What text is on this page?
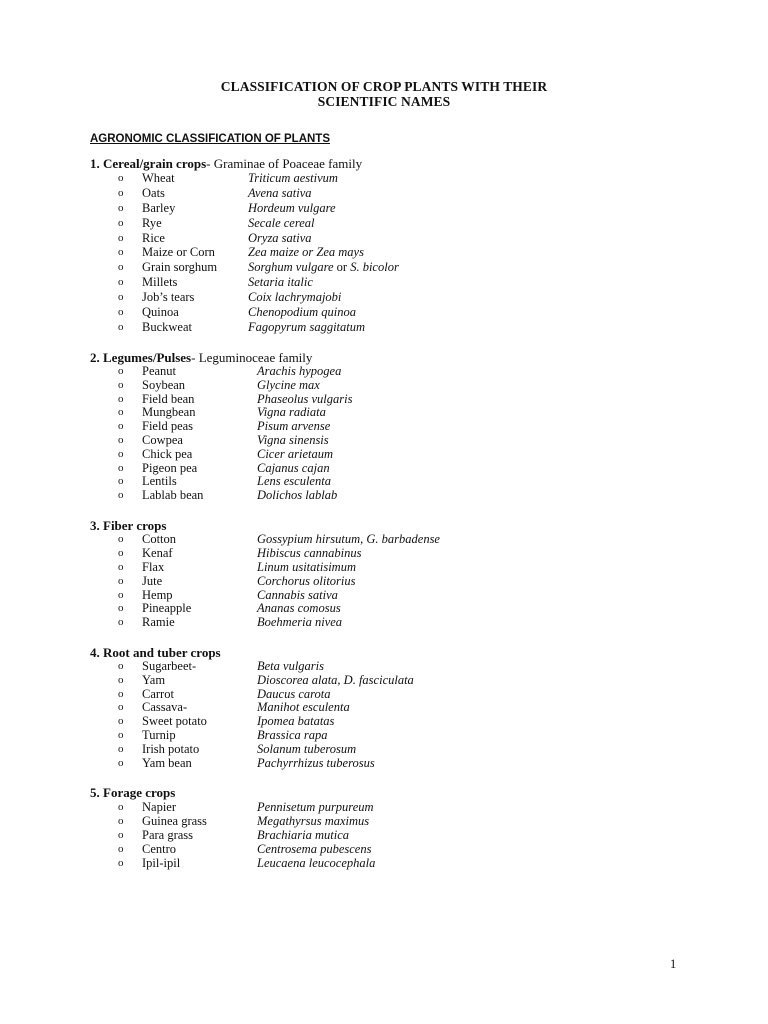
CLASSIFICATION OF CROP PLANTS WITH THEIR
SCIENTIFIC NAMES
AGRONOMIC CLASSIFICATION OF PLANTS
1. Cereal/grain crops- Graminae of Poaceae family
o Wheat	Triticum aestivum
o Oats	Avena sativa
o Barley	Hordeum vulgare
o Rye	Secale cereal
o Rice	Oryza sativa
o Maize or Corn	Zea maize or Zea mays
o Grain sorghum Sorghum vulgare or S. bicolor
o Millets	Setaria italic
o Job’s tears	Coix lachrymajobi
o Quinoa	Chenopodium quinoa
o Buckweat	Fagopyrum saggitatum
2. Legumes/Pulses- Leguminoceae family
o Peanut	Arachis hypogea
o Soybean	Glycine max
o Field bean	Phaseolus vulgaris
o Mungbean	Vigna radiata
o Field peas	Pisum arvense
o Cowpea	Vigna sinensis
o Chick pea	Cicer arietaum
o Pigeon pea	Cajanus cajan
o Lentils	Lens esculenta
o Lablab bean	Dolichos lablab
3. Fiber crops
o Cotton	Gossypium hirsutum, G. barbadense
o Kenaf	Hibiscus cannabinus
o Flax	Linum usitatisimum
o Jute	Corchorus olitorius
o Hemp	Cannabis sativa
o Pineapple	Ananas comosus
o Ramie	Boehmeria nivea
4. Root and tuber crops
o Sugarbeet-	Beta vulgaris
o Yam	Dioscorea alata, D. fasciculata
o Carrot	Daucus carota
o Cassava-	Manihot esculenta
o Sweet potato	Ipomea batatas
o Turnip	Brassica rapa
o Irish potato	Solanum tuberosum
o Yam bean	Pachyrrhizus tuberosus
5. Forage crops
o Napier	Pennisetum purpureum
o Guinea grass	Megathyrsus maximus
o Para grass	Brachiaria mutica
o Centro	Centrosema pubescens
o Ipil-ipil	Leucaena leucocephala
1
